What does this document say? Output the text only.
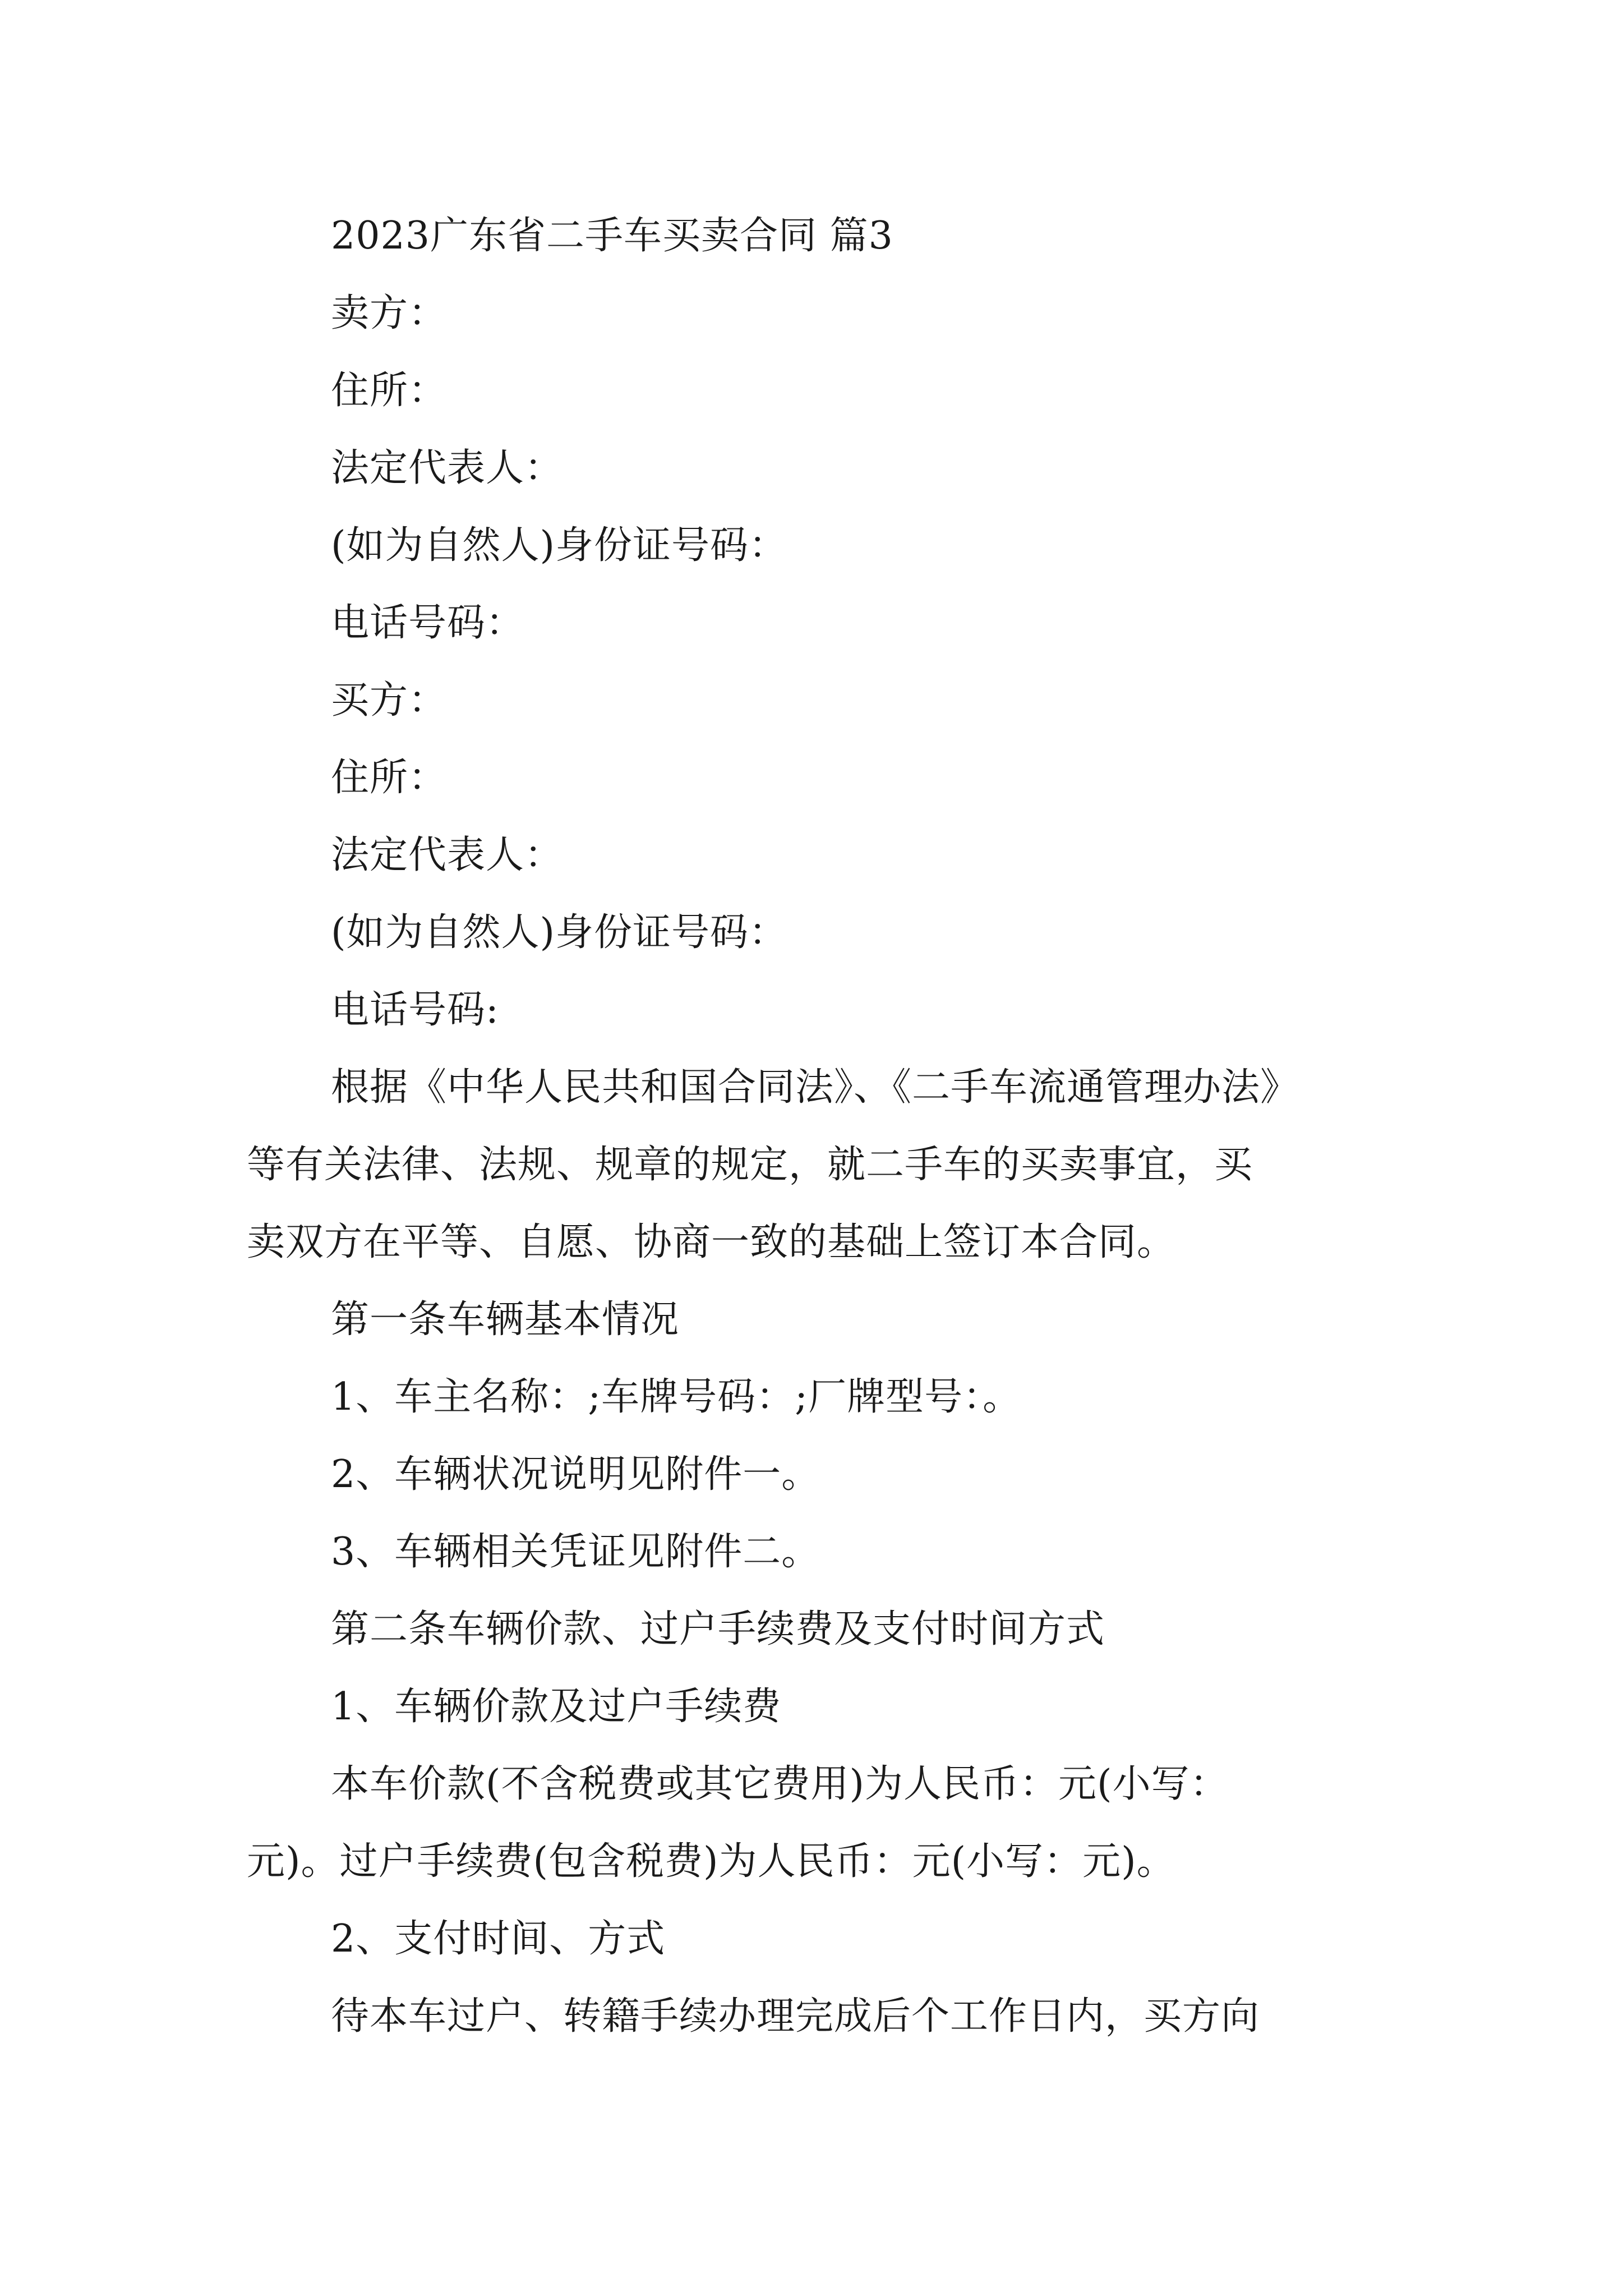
2023广东省二手车买卖合同 篇3
卖方：
住所：
法定代表人：
(如为自然人)身份证号码：
电话号码：
买方：
住所：
法定代表人：
(如为自然人)身份证号码：
电话号码:
根据《中华人民共和国合同法》、《二手车流通管理办法》
等有关法律、法规、规章的规定，就二手车的买卖事宜，买
卖双方在平等、自愿、协商一致的基础上签订本合同。
第一条车辆基本情况
1、车主名称：;车牌号码：;厂牌型号：。
2、车辆状况说明见附件一。
3、车辆相关凭证见附件二。
第二条车辆价款、过户手续费及支付时间方式
1、车辆价款及过户手续费
本车价款(不含税费或其它费用)为人民币：元(小写：
元)。过户手续费(包含税费)为人民币：元(小写：元)。
2、支付时间、方式
待本车过户、转籍手续办理完成后个工作日内，买方向
